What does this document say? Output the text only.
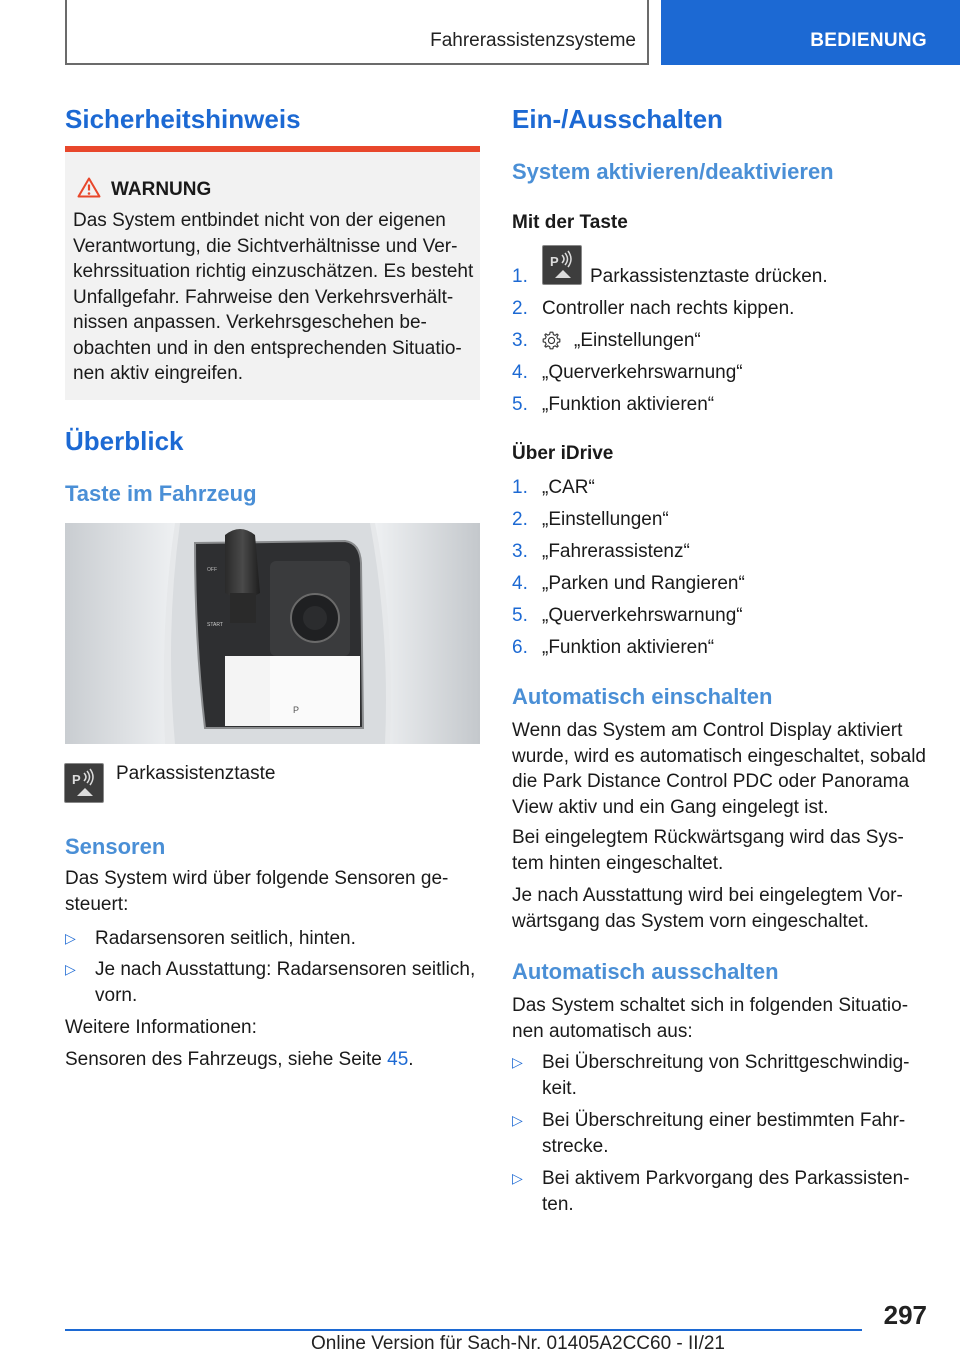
Fahrerassistenzsysteme	BEDIENUNG
Sicherheitshinweis
WARNUNG
Das System entbindet nicht von der eigenen Verantwortung, die Sichtverhältnisse und Ver-kehrssituation richtig einzuschätzen. Es besteht Unfallgefahr. Fahrweise den Verkehrsverhält-nissen anpassen. Verkehrsgeschehen be-obachten und in den entsprechenden Situatio-nen aktiv eingreifen.
Überblick
Taste im Fahrzeug
OFF
START
P
P Parkassistenztaste
Sensoren
Das System wird über folgende Sensoren ge-steuert:
▷ Radarsensoren seitlich, hinten.
▷ Je nach Ausstattung: Radarsensoren seitlich, vorn.
Weitere Informationen:
Sensoren des Fahrzeugs, siehe Seite 45.
Ein-/Ausschalten
System aktivieren/deaktivieren
Mit der Taste
1.
P
Parkassistenztaste drücken.
2. Controller nach rechts kippen.
3. „Einstellungen“
4. „Querverkehrswarnung“
5. „Funktion aktivieren“
Über iDrive
1. „CAR“
2. „Einstellungen“
3. „Fahrerassistenz“
4. „Parken und Rangieren“
5. „Querverkehrswarnung“
6. „Funktion aktivieren“
Automatisch einschalten
Wenn das System am Control Display aktiviert wurde, wird es automatisch eingeschaltet, sobald die Park Distance Control PDC oder Panorama View aktiv und ein Gang eingelegt ist.
Bei eingelegtem Rückwärtsgang wird das Sys-tem hinten eingeschaltet.
Je nach Ausstattung wird bei eingelegtem Vor-wärtsgang das System vorn eingeschaltet.
Automatisch ausschalten
Das System schaltet sich in folgenden Situatio-nen automatisch aus:
▷ Bei Überschreitung von Schrittgeschwindig-keit.
▷ Bei Überschreitung einer bestimmten Fahr-strecke.
▷ Bei aktivem Parkvorgang des Parkassisten-ten.
297
Online Version für Sach-Nr. 01405A2CC60 - II/21
